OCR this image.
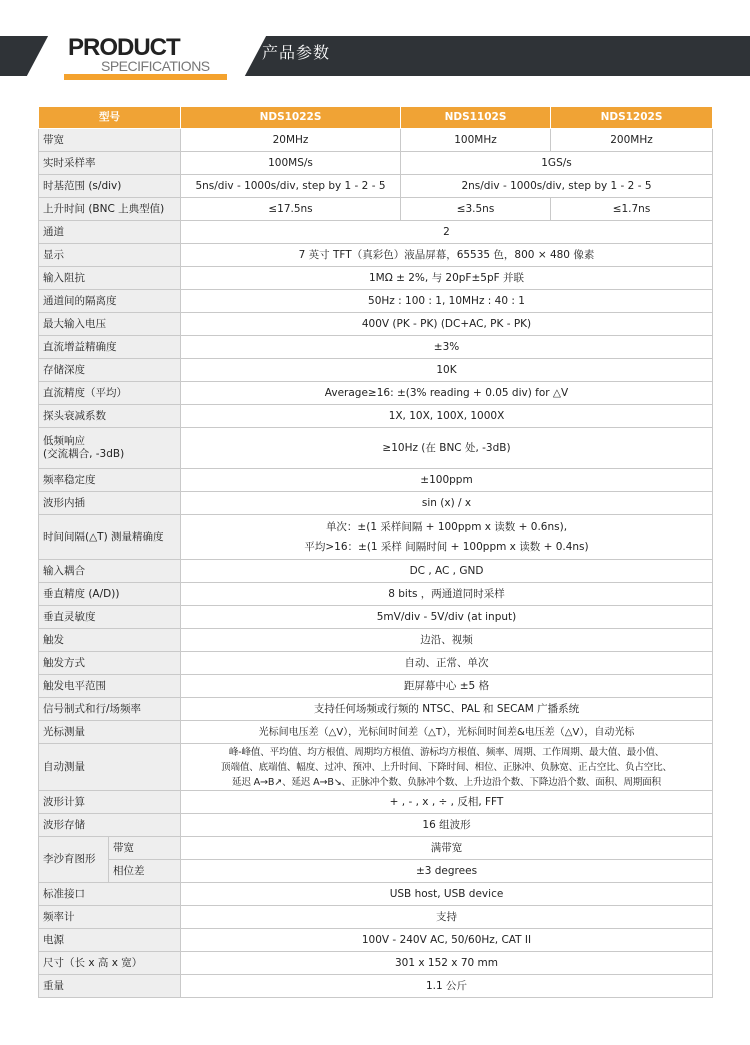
PRODUCT
SPECIFICATIONS
产品参数
型号		NDS1022S	NDS1102S	NDS1202S
带宽		20MHz	100MHz	200MHz
实时采样率		100MS/s	1GS/s	
时基范围 (s/div)		5ns/div - 1000s/div, step by 1 - 2 - 5	2ns/div - 1000s/div, step by 1 - 2 - 5	
上升时间 (BNC 上典型值)		≤17.5ns	≤3.5ns	≤1.7ns
通道		2		
显示		7 英寸 TFT（真彩色）液晶屏幕，65535 色，800 × 480 像素		
输入阻抗		1MΩ ± 2%, 与 20pF±5pF 并联		
通道间的隔离度		50Hz : 100 : 1, 10MHz : 40 : 1		
最大输入电压		400V (PK - PK) (DC+AC, PK - PK)		
直流增益精确度		±3%		
存储深度		10K		
直流精度（平均）		Average≥16: ±(3% reading + 0.05 div) for △V		
探头衰减系数		1X, 10X, 100X, 1000X		

低频响应
(交流耦合, -3dB)		≥10Hz (在 BNC 处, -3dB)		
频率稳定度		±100ppm		
波形内插		sin (x) / x		
时间间隔(△T) 测量精确度		单次：±(1 采样间隔 + 100ppm x 读数 + 0.6ns),
平均>16：±(1 采样 间隔时间 + 100ppm x 读数 + 0.4ns)		

输入耦合		DC , AC , GND		
垂直精度 (A/D))		8 bits ，两通道同时采样		
垂直灵敏度		5mV/div - 5V/div (at input)		
触发		边沿、视频		
触发方式		自动、正常、单次		
触发电平范围		距屏幕中心 ±5 格		
信号制式和行/场频率		支持任何场频或行频的 NTSC、PAL 和 SECAM 广播系统		
光标测量		光标间电压差（△V），光标间时间差（△T），光标间时间差&电压差（△V），自动光标		
自动测量		峰-峰值、平均值、均方根值、周期均方根值、游标均方根值、频率、周期、工作周期、最大值、最小值、
顶端值、底端值、幅度、过冲、预冲、上升时间、下降时间、相位、正脉冲、负脉宽、正占空比、负占空比、
延迟 A→B↗、延迟 A→B↘、正脉冲个数、负脉冲个数、上升边沿个数、下降边沿个数、面积、周期面积		

波形计算		+ , - , x , ÷ , 反相, FFT		
波形存储		16 组波形		
李沙育图形	带宽	满带宽		
	相位差	±3 degrees		
标准接口		USB host, USB device		
频率计		支持		
电源		100V - 240V AC, 50/60Hz, CAT II		
尺寸（长 x 高 x 宽）		301 x 152 x 70 mm		
重量		1.1 公斤		
